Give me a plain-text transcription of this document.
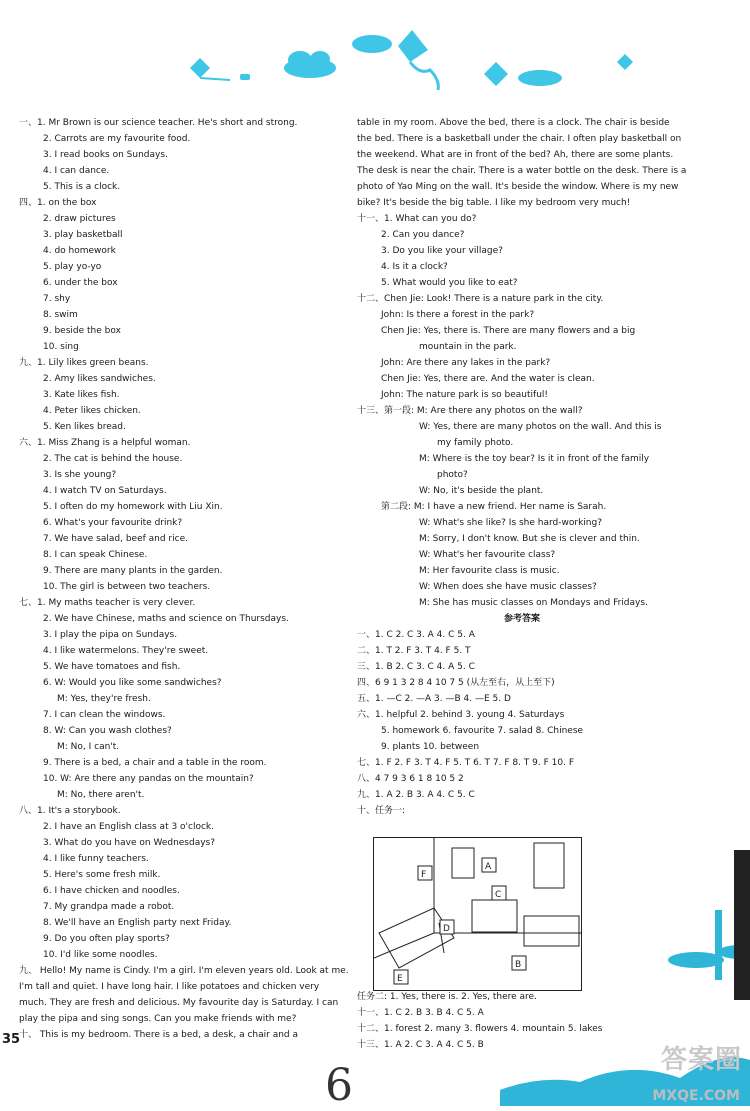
一、1. Mr Brown is our science teacher. He's short and strong.
2. Carrots are my favourite food.
3. I read books on Sundays.
4. I can dance.
5. This is a clock.
四、1. on the box
2. draw pictures
3. play basketball
4. do homework
5. play yo-yo
6. under the box
7. shy
8. swim
9. beside the box
10. sing
九、1. Lily likes green beans.
2. Amy likes sandwiches.
3. Kate likes fish.
4. Peter likes chicken.
5. Ken likes bread.
六、1. Miss Zhang is a helpful woman.
2. The cat is behind the house.
3. Is she young?
4. I watch TV on Saturdays.
5. I often do my homework with Liu Xin.
6. What's your favourite drink?
7. We have salad, beef and rice.
8. I can speak Chinese.
9. There are many plants in the garden.
10. The girl is between two teachers.
七、1. My maths teacher is very clever.
2. We have Chinese, maths and science on Thursdays.
3. I play the pipa on Sundays.
4. I like watermelons. They're sweet.
5. We have tomatoes and fish.
6. W: Would you like some sandwiches?
M: Yes, they're fresh.
7. I can clean the windows.
8. W: Can you wash clothes?
M: No, I can't.
9. There is a bed, a chair and a table in the room.
10. W: Are there any pandas on the mountain?
M: No, there aren't.
八、1. It's a storybook.
2. I have an English class at 3 o'clock.
3. What do you have on Wednesdays?
4. I like funny teachers.
5. Here's some fresh milk.
6. I have chicken and noodles.
7. My grandpa made a robot.
8. We'll have an English party next Friday.
9. Do you often play sports?
10. I'd like some noodles.
九、 Hello! My name is Cindy. I'm a girl. I'm eleven years old. Look at me. I'm tall and quiet. I have long hair. I like potatoes and chicken very much. They are fresh and delicious. My favourite day is Saturday. I can play the pipa and sing songs. Can you make friends with me?
十、 This is my bedroom. There is a bed, a desk, a chair and a
table in my room. Above the bed, there is a clock. The chair is beside the bed. There is a basketball under the chair. I often play basketball on the weekend. What are in front of the bed? Ah, there are some plants. The desk is near the chair. There is a water bottle on the desk. There is a photo of Yao Ming on the wall. It's beside the window. Where is my new bike? It's beside the big table. I like my bedroom very much!
十一、1. What can you do?
2. Can you dance?
3. Do you like your village?
4. Is it a clock?
5. What would you like to eat?
十二、Chen Jie: Look! There is a nature park in the city.
John: Is there a forest in the park?
Chen Jie: Yes, there is. There are many flowers and a big
mountain in the park.
John: Are there any lakes in the park?
Chen Jie: Yes, there are. And the water is clean.
John: The nature park is so beautiful!
十三、第一段: M: Are there any photos on the wall?
W: Yes, there are many photos on the wall. And this is
my family photo.
M: Where is the toy bear? Is it in front of the family
photo?
W: No, it's beside the plant.
第二段: M: I have a new friend. Her name is Sarah.
W: What's she like? Is she hard-working?
M: Sorry, I don't know. But she is clever and thin.
W: What's her favourite class?
M: Her favourite class is music.
W: When does she have music classes?
M: She has music classes on Mondays and Fridays.
参考答案
一、1. C 2. C 3. A 4. C 5. A
二、1. T 2. F 3. T 4. F 5. T
三、1. B 2. C 3. C 4. A 5. C
四、6 9 1 3 2 8 4 10 7 5 (从左至右，从上至下)
五、1. —C 2. —A 3. —B 4. —E 5. D
六、1. helpful 2. behind 3. young 4. Saturdays
5. homework 6. favourite 7. salad 8. Chinese
9. plants 10. between
七、1. F 2. F 3. T 4. F 5. T 6. T 7. F 8. T 9. F 10. F
八、4 7 9 3 6 1 8 10 5 2
九、1. A 2. B 3. A 4. C 5. C
十、任务一:
F
A
C
D
B
E
任务二: 1. Yes, there is. 2. Yes, there are.
十一、1. C 2. B 3. B 4. C 5. A
十二、1. forest 2. many 3. flowers 4. mountain 5. lakes
十三、1. A 2. C 3. A 4. C 5. B
35
6	答案圈
MXQE.COM
